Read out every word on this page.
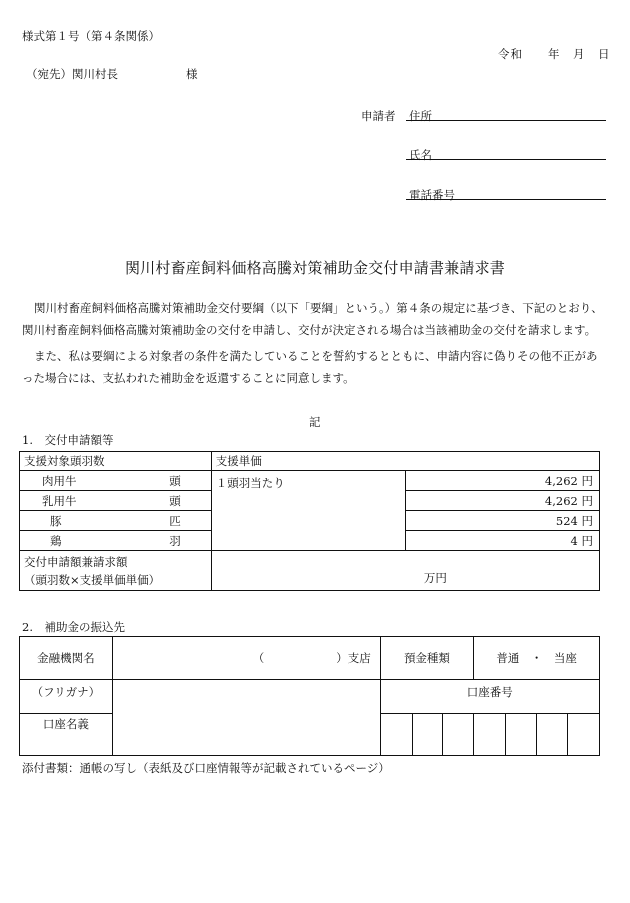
様式第１号（第４条関係）
令和　　年　月　日
（宛先）関川村長	様
申請者 住所
氏名
電話番号
関川村畜産飼料価格高騰対策補助金交付申請書兼請求書
関川村畜産飼料価格高騰対策補助金交付要綱（以下「要綱」という。）第４条の規定に基づき、下記のとおり、
関川村畜産飼料価格高騰対策補助金の交付を申請し、交付が決定される場合は当該補助金の交付を請求します。
また、私は要綱による対象者の条件を満たしていることを誓約するとともに、申請内容に偽りその他不正があ
った場合には、支払われた補助金を返還することに同意します。
記
1.　交付申請額等
支援対象頭羽数	支援単価	

肉用牛 頭	１頭羽当たり	4,262 円

乳用牛 頭		4,262 円

豚 匹		524 円

鶏 羽		4 円

交付申請額兼請求額
（頭羽数×支援単価単価）	万円	
2.　補助金の振込先
金融機関名	（ ）支店	預金種類			普通　・　当座			
（フリガナ）		口座番号						
口座名義								
添付書類：通帳の写し（表紙及び口座情報等が記載されているページ）
